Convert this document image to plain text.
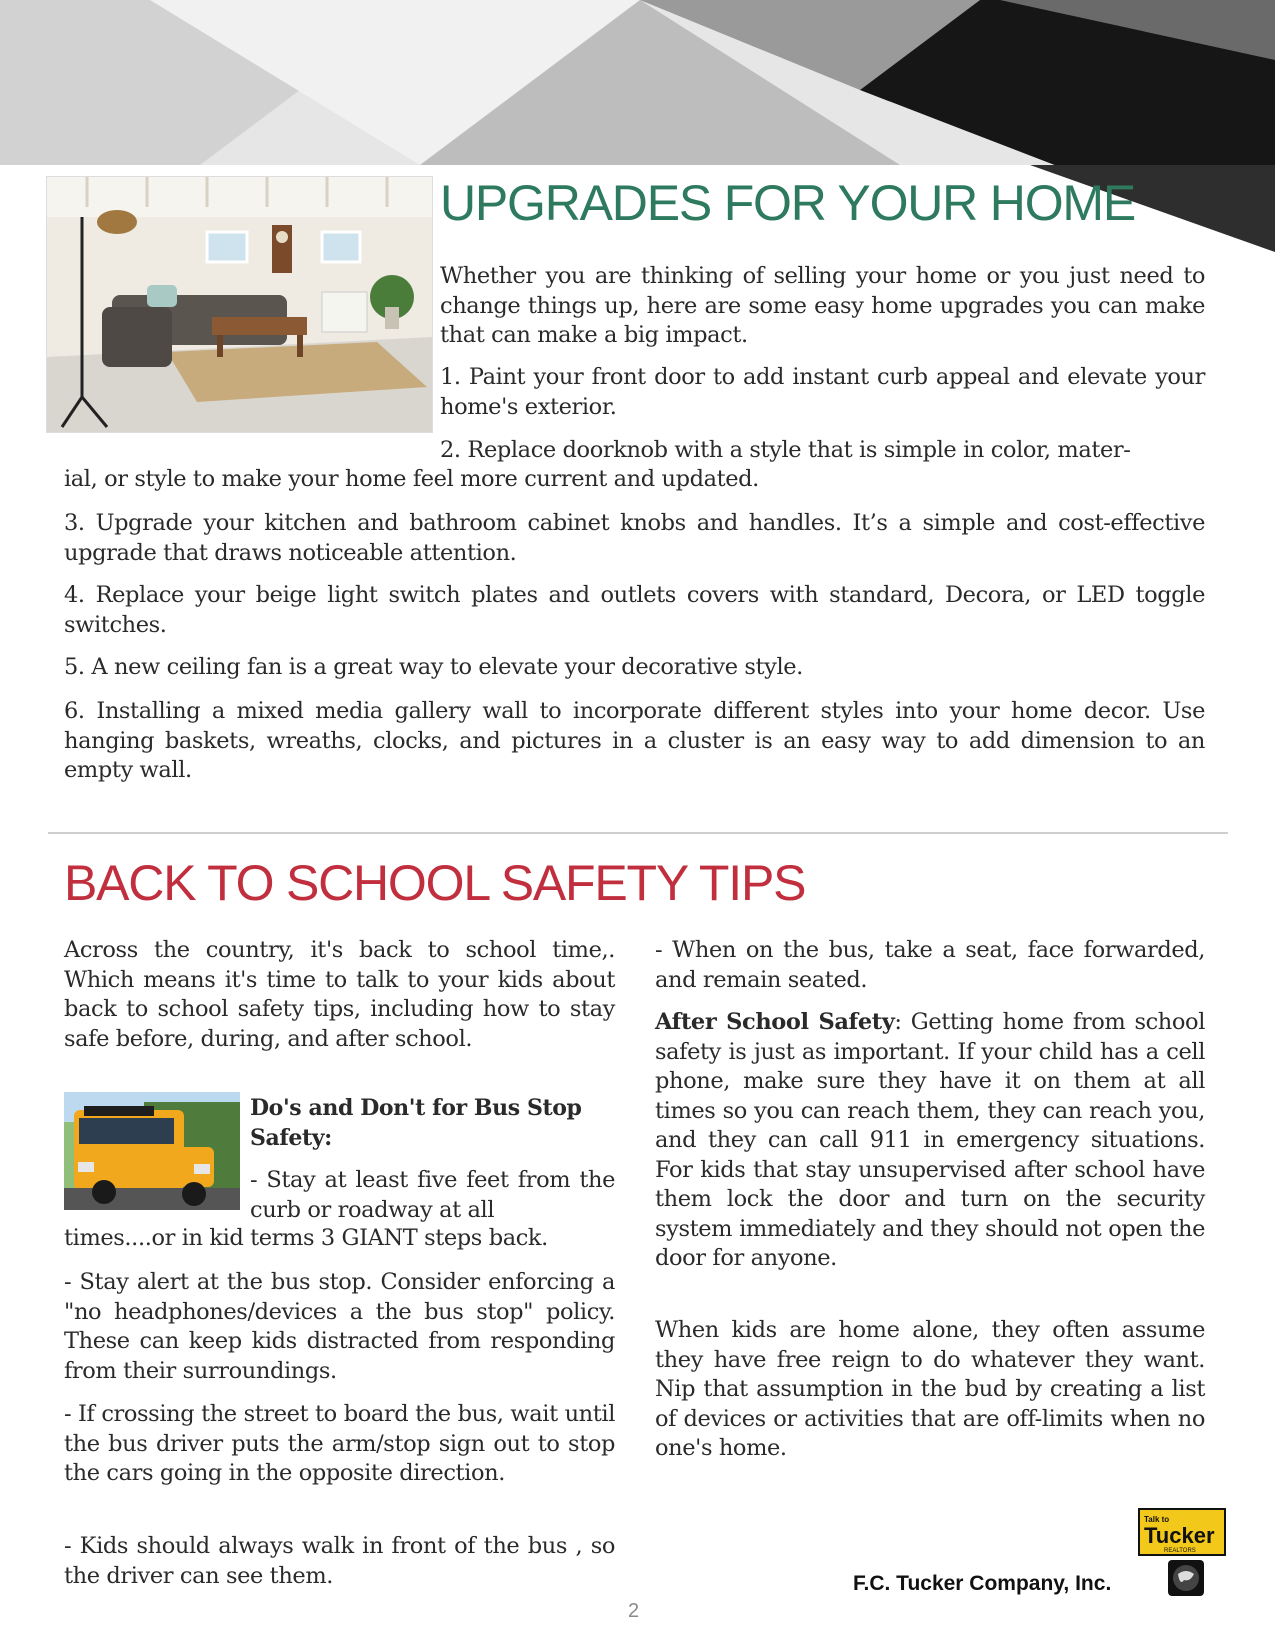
UPGRADES FOR YOUR HOME

Whether you are thinking of selling your home or you just need to change things up, here are some easy home upgrades you can make that can make a big impact.

1. Paint your front door to add instant curb appeal and elevate your home's exterior.

2. Replace doorknob with a style that is simple in color, mater-

ial, or style to make your home feel more current and updated.

3. Upgrade your kitchen and bathroom cabinet knobs and handles. It’s a simple and cost-effective upgrade that draws noticeable attention.

4. Replace your beige light switch plates and outlets covers with standard, Decora, or LED toggle switches.

5. A new ceiling fan is a great way to elevate your decorative style.

6. Installing a mixed media gallery wall to incorporate different styles into your home decor. Use hanging baskets, wreaths, clocks, and pictures in a cluster is an easy way to add dimension to an empty wall.

BACK TO SCHOOL SAFETY TIPS

Across the country, it's back to school time,. Which means it's time to talk to your kids about back to school safety tips, including how to stay safe before, during, and after school.

Do's and Don't for Bus Stop Safety:

- Stay at least five feet from the curb or roadway at all

times....or in kid terms 3 GIANT steps back.

- Stay alert at the bus stop. Consider enforcing a "no headphones/devices a the bus stop" policy. These can keep kids distracted from responding from their surroundings.

- If crossing the street to board the bus, wait until the bus driver puts the arm/stop sign out to stop the cars going in the opposite direction.

- Kids should always walk in front of the bus , so the driver can see them.

- When on the bus, take a seat, face forwarded, and remain seated.

After School Safety: Getting home from school safety is just as important. If your child has a cell phone, make sure they have it on them at all times so you can reach them, they can reach you, and they can call 911 in emergency situations. For kids that stay unsupervised after school have them lock the door and turn on the security system immediately and they should not open the door for anyone.

When kids are home alone, they often assume they have free reign to do whatever they want. Nip that assumption in the bud by creating a list of devices or activities that are off-limits when no one's home.

Talk to
Tucker
REALTORS
F.C. Tucker Company, Inc.
2
